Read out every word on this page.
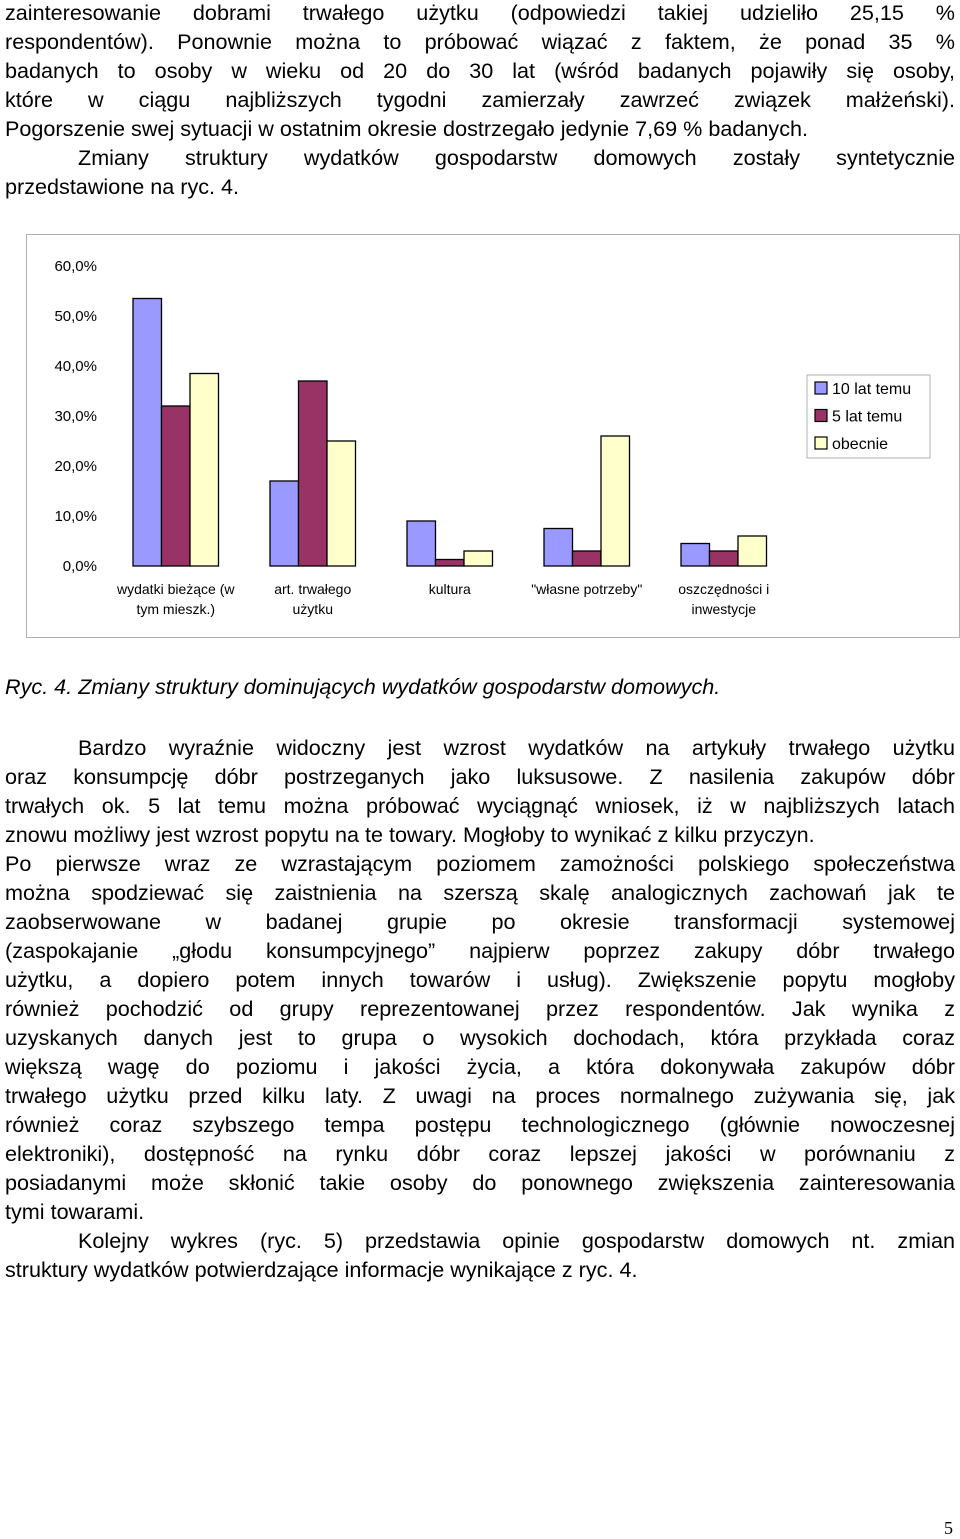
zainteresowanie dobrami trwałego użytku (odpowiedzi takiej udzieliło 25,15 %
respondentów). Ponownie można to próbować wiązać z faktem, że ponad 35 %
badanych to osoby w wieku od 20 do 30 lat (wśród badanych pojawiły się osoby,
które w ciągu najbliższych tygodni zamierzały zawrzeć związek małżeński).
Pogorszenie swej sytuacji w ostatnim okresie dostrzegało jedynie 7,69 % badanych.
Zmiany struktury wydatków gospodarstw domowych zostały syntetycznie
przedstawione na ryc. 4.
0,0%
10,0%
20,0%
30,0%
40,0%
50,0%
60,0%
wydatki bieżące (w
tym mieszk.)
art. trwałego
użytku
kultura	"własne potrzeby"	oszczędności i
inwestycje
10 lat temu
5 lat temu
obecnie
Ryc. 4. Zmiany struktury dominujących wydatków gospodarstw domowych.
Bardzo wyraźnie widoczny jest wzrost wydatków na artykuły trwałego użytku
oraz konsumpcję dóbr postrzeganych jako luksusowe. Z nasilenia zakupów dóbr
trwałych ok. 5 lat temu można próbować wyciągnąć wniosek, iż w najbliższych latach
znowu możliwy jest wzrost popytu na te towary. Mogłoby to wynikać z kilku przyczyn.
Po pierwsze wraz ze wzrastającym poziomem zamożności polskiego społeczeństwa
można spodziewać się zaistnienia na szerszą skalę analogicznych zachowań jak te
zaobserwowane w badanej grupie po okresie transformacji systemowej
(zaspokajanie „głodu konsumpcyjnego” najpierw poprzez zakupy dóbr trwałego
użytku, a dopiero potem innych towarów i usług). Zwiększenie popytu mogłoby
również pochodzić od grupy reprezentowanej przez respondentów. Jak wynika z
uzyskanych danych jest to grupa o wysokich dochodach, która przykłada coraz
większą wagę do poziomu i jakości życia, a która dokonywała zakupów dóbr
trwałego użytku przed kilku laty. Z uwagi na proces normalnego zużywania się, jak
również coraz szybszego tempa postępu technologicznego (głównie nowoczesnej
elektroniki), dostępność na rynku dóbr coraz lepszej jakości w porównaniu z
posiadanymi może skłonić takie osoby do ponownego zwiększenia zainteresowania
tymi towarami.
Kolejny wykres (ryc. 5) przedstawia opinie gospodarstw domowych nt. zmian
struktury wydatków potwierdzające informacje wynikające z ryc. 4.
5
